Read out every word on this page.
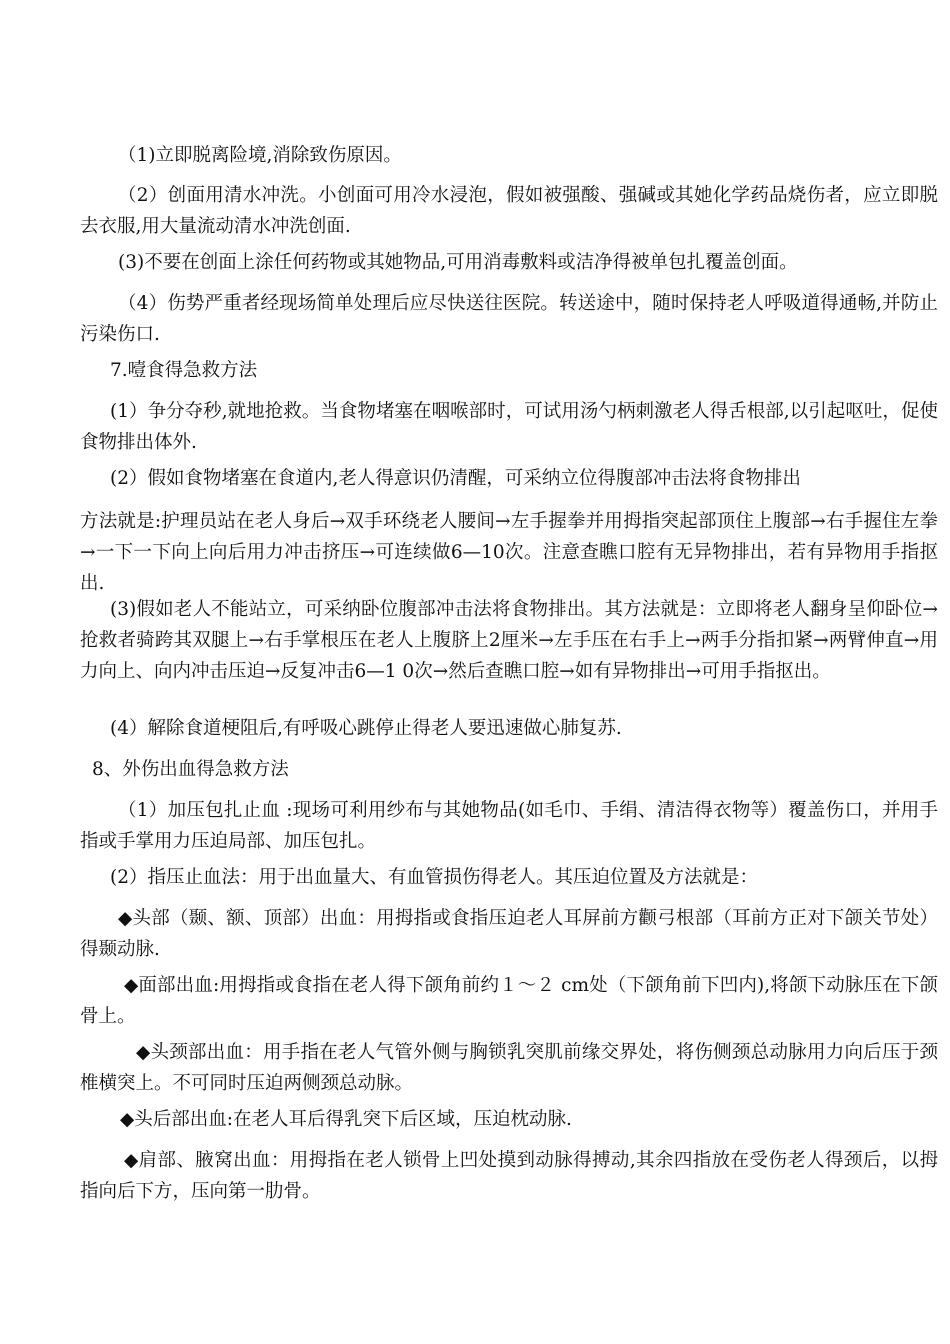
（1)立即脱离险境,消除致伤原因。

（2）创面用清水冲洗。小创面可用冷水浸泡，假如被强酸、强碱或其她化学药品烧伤者，应立即脱去衣服,用大量流动清水冲洗创面.

(3)不要在创面上涂任何药物或其她物品,可用消毒敷料或洁净得被单包扎覆盖创面。

（4）伤势严重者经现场简单处理后应尽快送往医院。转送途中，随时保持老人呼吸道得通畅,并防止污染伤口.

7.噎食得急救方法

(1）争分夺秒,就地抢救。当食物堵塞在咽喉部时，可试用汤勺柄刺激老人得舌根部,以引起呕吐，促使食物排出体外.

(2）假如食物堵塞在食道内,老人得意识仍清醒，可采纳立位得腹部冲击法将食物排出

方法就是:护理员站在老人身后→双手环绕老人腰间→左手握拳并用拇指突起部顶住上腹部→右手握住左拳→一下一下向上向后用力冲击挤压→可连续做6—10次。注意查瞧口腔有无异物排出，若有异物用手指抠出.

(3)假如老人不能站立，可采纳卧位腹部冲击法将食物排出。其方法就是：立即将老人翻身呈仰卧位→抢救者骑跨其双腿上→右手掌根压在老人上腹脐上2厘米→左手压在右手上→两手分指扣紧→两臂伸直→用力向上、向内冲击压迫→反复冲击6—1 0次→然后查瞧口腔→如有异物排出→可用手指抠出。

(4）解除食道梗阻后,有呼吸心跳停止得老人要迅速做心肺复苏.

8、外伤出血得急救方法

（1）加压包扎止血 :现场可利用纱布与其她物品(如毛巾、手绢、清洁得衣物等）覆盖伤口，并用手指或手掌用力压迫局部、加压包扎。

(2）指压止血法：用于出血量大、有血管损伤得老人。其压迫位置及方法就是：

◆头部（颞、额、顶部）出血：用拇指或食指压迫老人耳屏前方颧弓根部（耳前方正对下颌关节处）得颞动脉.

◆面部出血:用拇指或食指在老人得下颌角前约１～２ cm处（下颌角前下凹内),将颌下动脉压在下颌骨上。

◆头颈部出血：用手指在老人气管外侧与胸锁乳突肌前缘交界处，将伤侧颈总动脉用力向后压于颈椎横突上。不可同时压迫两侧颈总动脉。

◆头后部出血:在老人耳后得乳突下后区域，压迫枕动脉.

◆肩部、腋窝出血：用拇指在老人锁骨上凹处摸到动脉得搏动,其余四指放在受伤老人得颈后，以拇指向后下方，压向第一肋骨。
